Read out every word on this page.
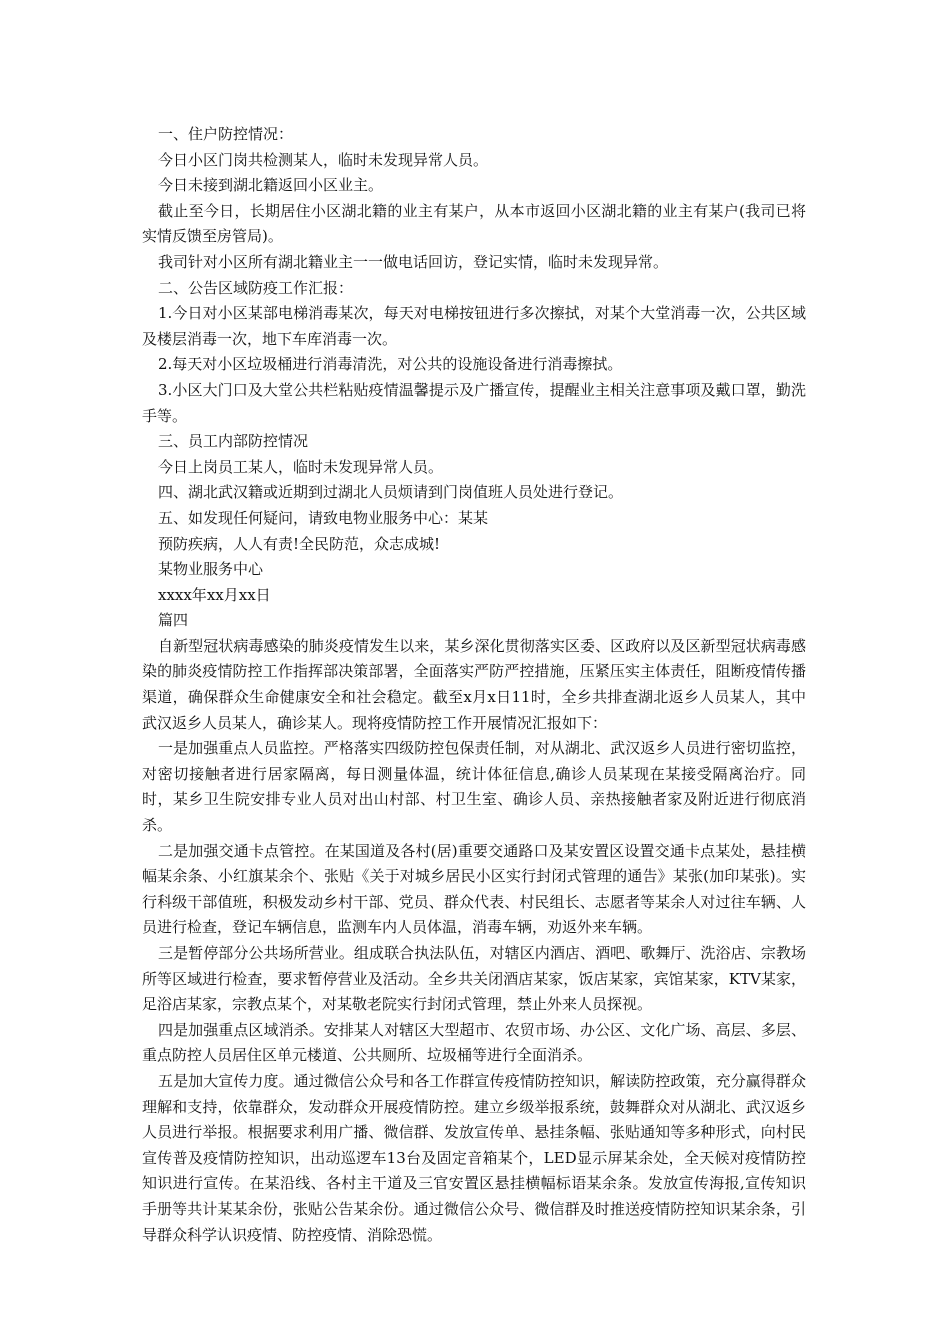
一、住户防控情况：

今日小区门岗共检测某人，临时未发现异常人员。

今日未接到湖北籍返回小区业主。

截止至今日，长期居住小区湖北籍的业主有某户，从本市返回小区湖北籍的业主有某户(我司已将实情反馈至房管局)。

我司针对小区所有湖北籍业主一一做电话回访，登记实情，临时未发现异常。

二、公告区域防疫工作汇报：

1.今日对小区某部电梯消毒某次，每天对电梯按钮进行多次擦拭，对某个大堂消毒一次，公共区域及楼层消毒一次，地下车库消毒一次。

2.每天对小区垃圾桶进行消毒清洗，对公共的设施设备进行消毒擦拭。

3.小区大门口及大堂公共栏粘贴疫情温馨提示及广播宣传，提醒业主相关注意事项及戴口罩，勤洗手等。

三、员工内部防控情况

今日上岗员工某人，临时未发现异常人员。

四、湖北武汉籍或近期到过湖北人员烦请到门岗值班人员处进行登记。

五、如发现任何疑问，请致电物业服务中心：某某

预防疾病，人人有责!全民防范，众志成城!

某物业服务中心

xxxx年xx月xx日

篇四

自新型冠状病毒感染的肺炎疫情发生以来，某乡深化贯彻落实区委、区政府以及区新型冠状病毒感染的肺炎疫情防控工作指挥部决策部署，全面落实严防严控措施，压紧压实主体责任，阻断疫情传播渠道，确保群众生命健康安全和社会稳定。截至x月x日11时，全乡共排查湖北返乡人员某人，其中武汉返乡人员某人，确诊某人。现将疫情防控工作开展情况汇报如下：

一是加强重点人员监控。严格落实四级防控包保责任制，对从湖北、武汉返乡人员进行密切监控，对密切接触者进行居家隔离，每日测量体温，统计体征信息,确诊人员某现在某接受隔离治疗。同时，某乡卫生院安排专业人员对出山村部、村卫生室、确诊人员、亲热接触者家及附近进行彻底消杀。

二是加强交通卡点管控。在某国道及各村(居)重要交通路口及某安置区设置交通卡点某处，悬挂横幅某余条、小红旗某余个、张贴《关于对城乡居民小区实行封闭式管理的通告》某张(加印某张)。实行科级干部值班，积极发动乡村干部、党员、群众代表、村民组长、志愿者等某余人对过往车辆、人员进行检查，登记车辆信息，监测车内人员体温，消毒车辆，劝返外来车辆。

三是暂停部分公共场所营业。组成联合执法队伍，对辖区内酒店、酒吧、歌舞厅、洗浴店、宗教场所等区域进行检查，要求暂停营业及活动。全乡共关闭酒店某家，饭店某家，宾馆某家，KTV某家，足浴店某家，宗教点某个，对某敬老院实行封闭式管理，禁止外来人员探视。

四是加强重点区域消杀。安排某人对辖区大型超市、农贸市场、办公区、文化广场、高层、多层、重点防控人员居住区单元楼道、公共厕所、垃圾桶等进行全面消杀。

五是加大宣传力度。通过微信公众号和各工作群宣传疫情防控知识，解读防控政策，充分赢得群众理解和支持，依靠群众，发动群众开展疫情防控。建立乡级举报系统，鼓舞群众对从湖北、武汉返乡人员进行举报。根据要求利用广播、微信群、发放宣传单、悬挂条幅、张贴通知等多种形式，向村民宣传普及疫情防控知识，出动巡逻车13台及固定音箱某个，LED显示屏某余处，全天候对疫情防控知识进行宣传。在某沿线、各村主干道及三官安置区悬挂横幅标语某余条。发放宣传海报,宣传知识手册等共计某某余份，张贴公告某余份。通过微信公众号、微信群及时推送疫情防控知识某余条，引导群众科学认识疫情、防控疫情、消除恐慌。
